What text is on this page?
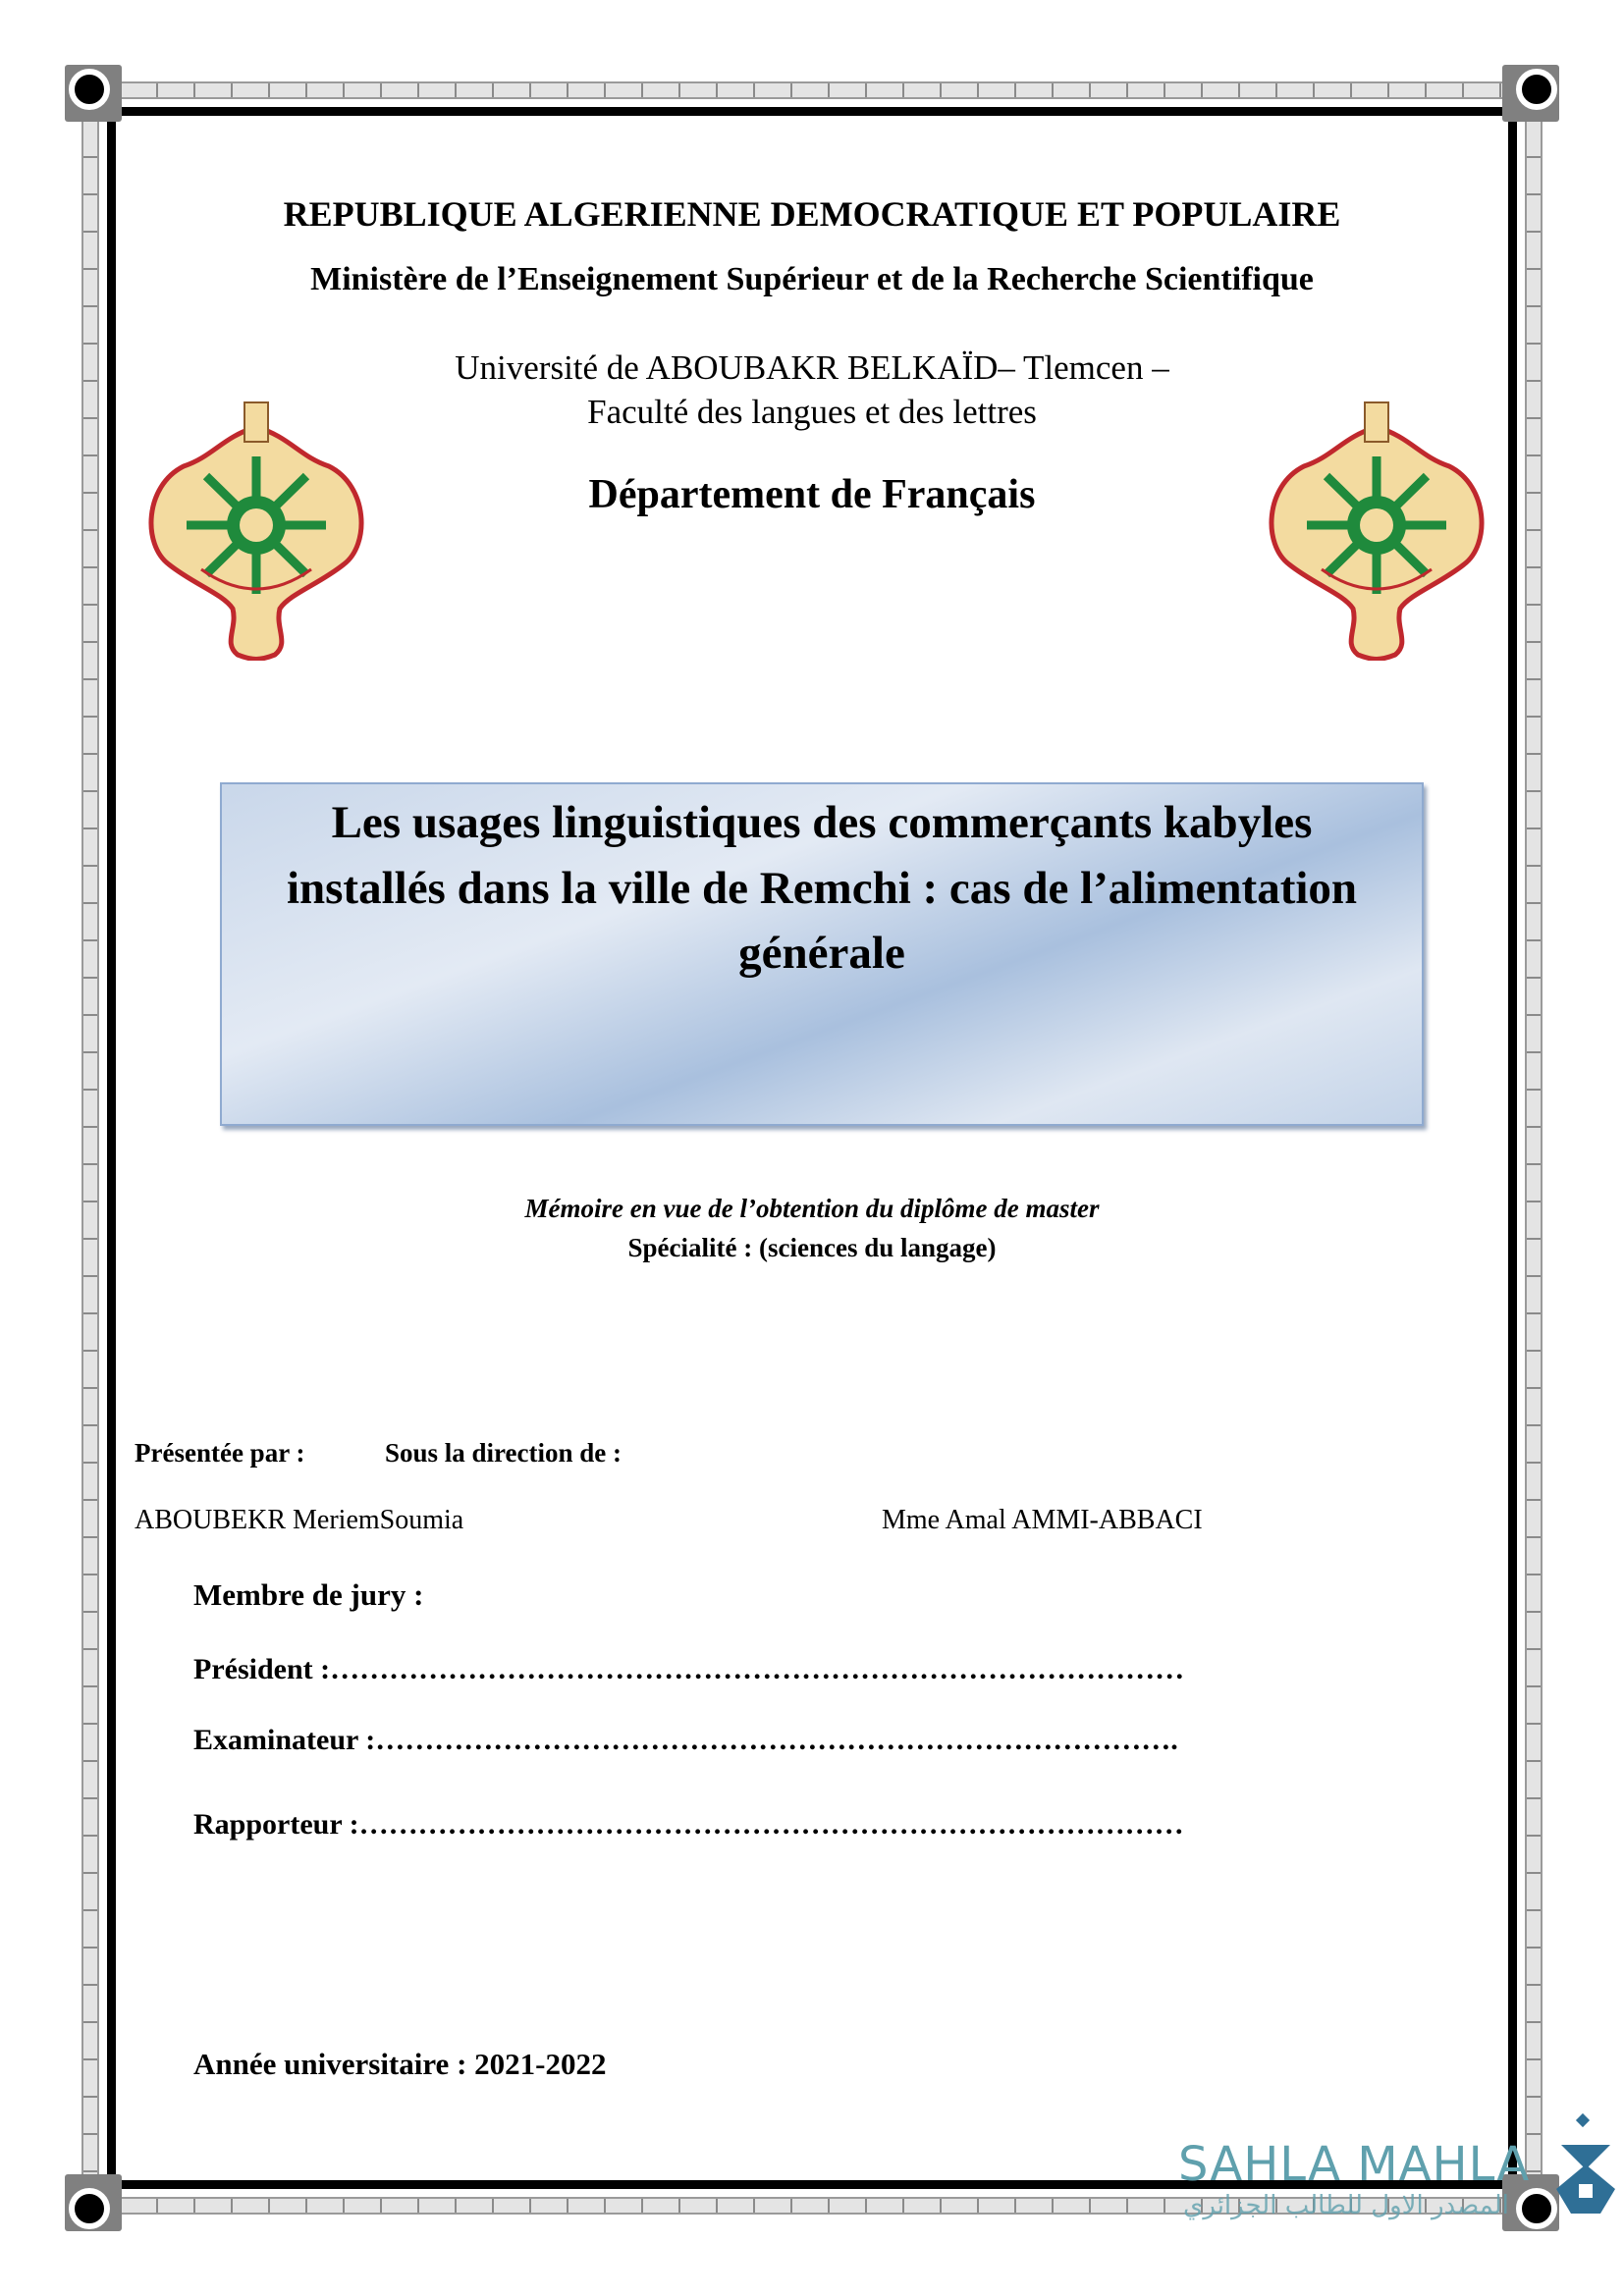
REPUBLIQUE ALGERIENNE DEMOCRATIQUE ET POPULAIRE
Ministère de l’Enseignement Supérieur et de la Recherche Scientifique
Université de ABOUBAKR BELKAÏD– Tlemcen –
Faculté des langues et des lettres
Département de Français
Les usages linguistiques des commerçants kabyles
installés dans la ville de Remchi : cas de l’alimentation
générale
Mémoire en vue de l’obtention du diplôme de master
Spécialité : (sciences du langage)
Présentée par :	Sous la direction de :
ABOUBEKR MeriemSoumia	Mme Amal AMMI-ABBACI
Membre de jury :
Président :……………………………………………………………………………
Examinateur :……………………………………………………………………….
Rapporteur :…………………………………………………………………………
Année universitaire : 2021-2022
SAHLA MAHLA
المصدر الاول للطالب الجزائري
